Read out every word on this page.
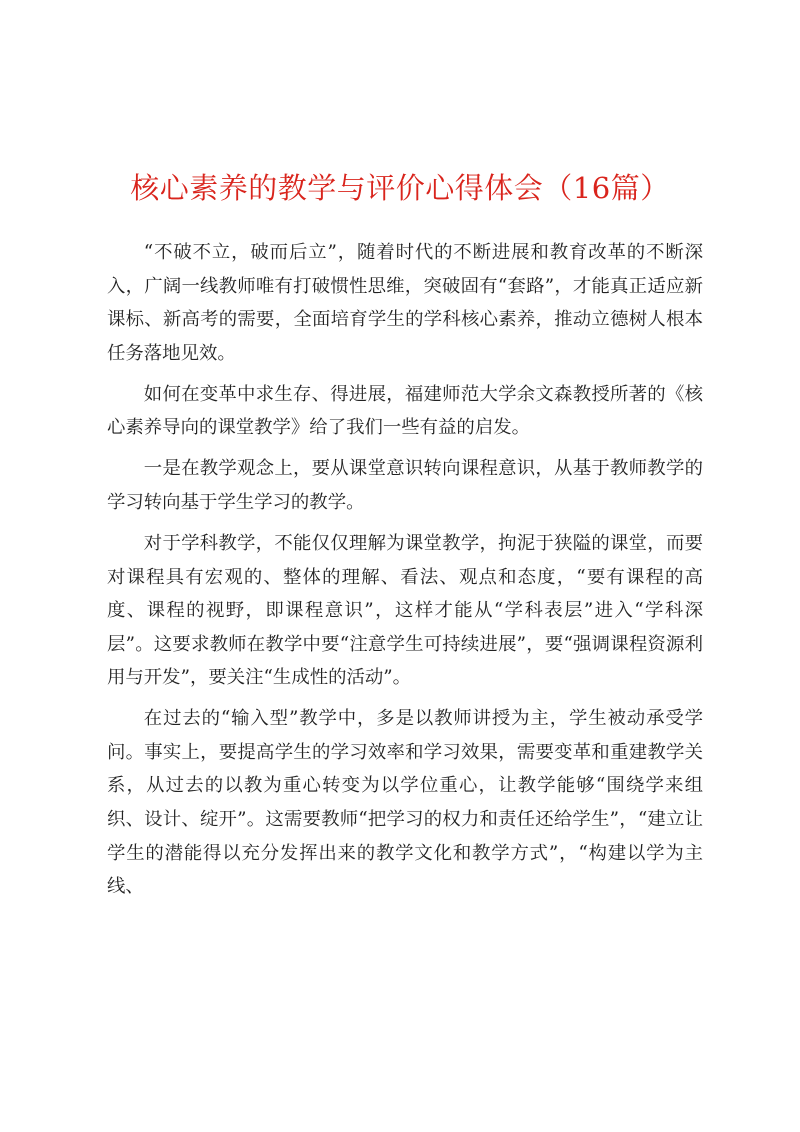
核心素养的教学与评价心得体会（16篇）

“不破不立，破而后立”，随着时代的不断进展和教育改革的不断深入，广阔一线教师唯有打破惯性思维，突破固有“套路”，才能真正适应新课标、新高考的需要，全面培育学生的学科核心素养，推动立德树人根本任务落地见效。

如何在变革中求生存、得进展，福建师范大学余文森教授所著的《核心素养导向的课堂教学》给了我们一些有益的启发。

一是在教学观念上，要从课堂意识转向课程意识，从基于教师教学的学习转向基于学生学习的教学。

对于学科教学，不能仅仅理解为课堂教学，拘泥于狭隘的课堂，而要对课程具有宏观的、整体的理解、看法、观点和态度，“要有课程的高度、课程的视野，即课程意识”，这样才能从“学科表层”进入“学科深层”。这要求教师在教学中要“注意学生可持续进展”，要“强调课程资源利用与开发”，要关注“生成性的活动”。

在过去的“输入型”教学中，多是以教师讲授为主，学生被动承受学问。事实上，要提高学生的学习效率和学习效果，需要变革和重建教学关系，从过去的以教为重心转变为以学位重心，让教学能够“围绕学来组织、设计、绽开”。这需要教师“把学习的权力和责任还给学生”，“建立让学生的潜能得以充分发挥出来的教学文化和教学方式”，“构建以学为主线、
